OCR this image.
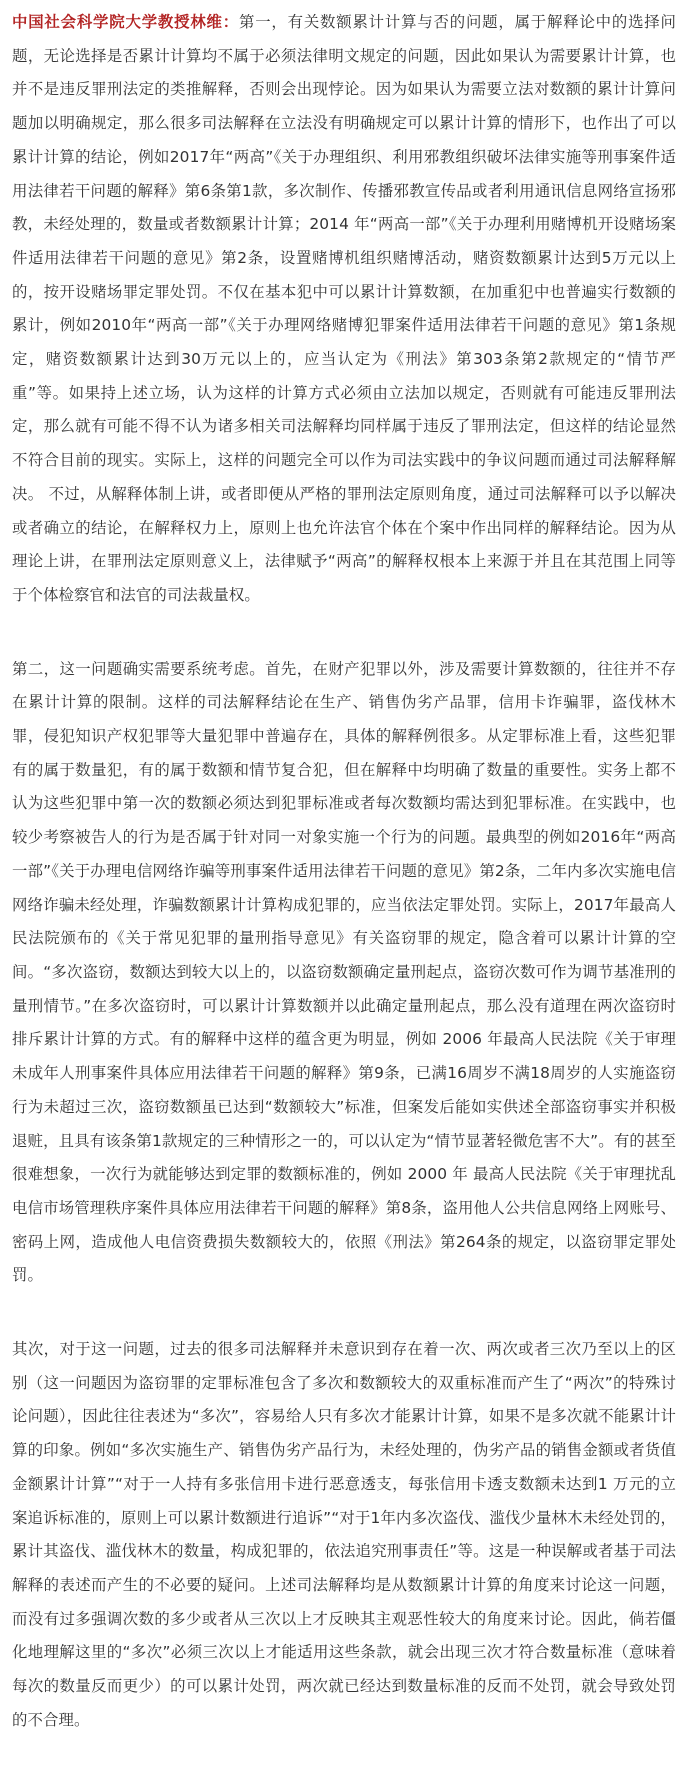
中国社会科学院大学教授林维：第一，有关数额累计计算与否的问题，属于解释论中的选择问题，无论选择是否累计计算均不属于必须法律明文规定的问题，因此如果认为需要累计计算，也并不是违反罪刑法定的类推解释，否则会出现悖论。因为如果认为需要立法对数额的累计计算问题加以明确规定，那么很多司法解释在立法没有明确规定可以累计计算的情形下，也作出了可以累计计算的结论，例如2017年“两高”《关于办理组织、利用邪教组织破坏法律实施等刑事案件适用法律若干问题的解释》第6条第1款，多次制作、传播邪教宣传品或者利用通讯信息网络宣扬邪教，未经处理的，数量或者数额累计计算；2014 年“两高一部”《关于办理利用赌博机开设赌场案件适用法律若干问题的意见》第2条，设置赌博机组织赌博活动，赌资数额累计达到5万元以上的，按开设赌场罪定罪处罚。不仅在基本犯中可以累计计算数额，在加重犯中也普遍实行数额的累计，例如2010年“两高一部”《关于办理网络赌博犯罪案件适用法律若干问题的意见》第1条规定，赌资数额累计达到30万元以上的，应当认定为《刑法》第303条第2款规定的“情节严重”等。如果持上述立场，认为这样的计算方式必须由立法加以规定，否则就有可能违反罪刑法定，那么就有可能不得不认为诸多相关司法解释均同样属于违反了罪刑法定，但这样的结论显然不符合目前的现实。实际上，这样的问题完全可以作为司法实践中的争议问题而通过司法解释解决。 不过，从解释体制上讲，或者即便从严格的罪刑法定原则角度，通过司法解释可以予以解决或者确立的结论，在解释权力上，原则上也允许法官个体在个案中作出同样的解释结论。因为从理论上讲，在罪刑法定原则意义上，法律赋予“两高”的解释权根本上来源于并且在其范围上同等于个体检察官和法官的司法裁量权。

第二，这一问题确实需要系统考虑。首先，在财产犯罪以外，涉及需要计算数额的，往往并不存在累计计算的限制。这样的司法解释结论在生产、销售伪劣产品罪，信用卡诈骗罪，盗伐林木罪，侵犯知识产权犯罪等大量犯罪中普遍存在，具体的解释例很多。从定罪标准上看，这些犯罪有的属于数量犯，有的属于数额和情节复合犯，但在解释中均明确了数量的重要性。实务上都不认为这些犯罪中第一次的数额必须达到犯罪标准或者每次数额均需达到犯罪标准。在实践中，也较少考察被告人的行为是否属于针对同一对象实施一个行为的问题。最典型的例如2016年“两高一部”《关于办理电信网络诈骗等刑事案件适用法律若干问题的意见》第2条，二年内多次实施电信网络诈骗未经处理，诈骗数额累计计算构成犯罪的，应当依法定罪处罚。实际上，2017年最高人民法院颁布的《关于常见犯罪的量刑指导意见》有关盗窃罪的规定，隐含着可以累计计算的空间。“多次盗窃，数额达到较大以上的，以盗窃数额确定量刑起点，盗窃次数可作为调节基准刑的量刑情节。”在多次盗窃时，可以累计计算数额并以此确定量刑起点，那么没有道理在两次盗窃时排斥累计计算的方式。有的解释中这样的蕴含更为明显，例如 2006 年最高人民法院《关于审理未成年人刑事案件具体应用法律若干问题的解释》第9条，已满16周岁不满18周岁的人实施盗窃行为未超过三次，盗窃数额虽已达到“数额较大”标准，但案发后能如实供述全部盗窃事实并积极退赃，且具有该条第1款规定的三种情形之一的，可以认定为“情节显著轻微危害不大”。有的甚至很难想象，一次行为就能够达到定罪的数额标准的，例如 2000 年 最高人民法院《关于审理扰乱电信市场管理秩序案件具体应用法律若干问题的解释》第8条，盗用他人公共信息网络上网账号、密码上网，造成他人电信资费损失数额较大的，依照《刑法》第264条的规定，以盗窃罪定罪处罚。

其次，对于这一问题，过去的很多司法解释并未意识到存在着一次、两次或者三次乃至以上的区别（这一问题因为盗窃罪的定罪标准包含了多次和数额较大的双重标准而产生了“两次”的特殊讨论问题），因此往往表述为“多次”，容易给人只有多次才能累计计算，如果不是多次就不能累计计算的印象。例如“多次实施生产、销售伪劣产品行为，未经处理的，伪劣产品的销售金额或者货值金额累计计算”“对于一人持有多张信用卡进行恶意透支，每张信用卡透支数额未达到1 万元的立案追诉标准的，原则上可以累计数额进行追诉”“对于1年内多次盗伐、滥伐少量林木未经处罚的，累计其盗伐、滥伐林木的数量，构成犯罪的，依法追究刑事责任”等。这是一种误解或者基于司法解释的表述而产生的不必要的疑问。上述司法解释均是从数额累计计算的角度来讨论这一问题，而没有过多强调次数的多少或者从三次以上才反映其主观恶性较大的角度来讨论。因此，倘若僵化地理解这里的“多次”必须三次以上才能适用这些条款，就会出现三次才符合数量标准（意味着每次的数量反而更少）的可以累计处罚，两次就已经达到数量标准的反而不处罚，就会导致处罚的不合理。
